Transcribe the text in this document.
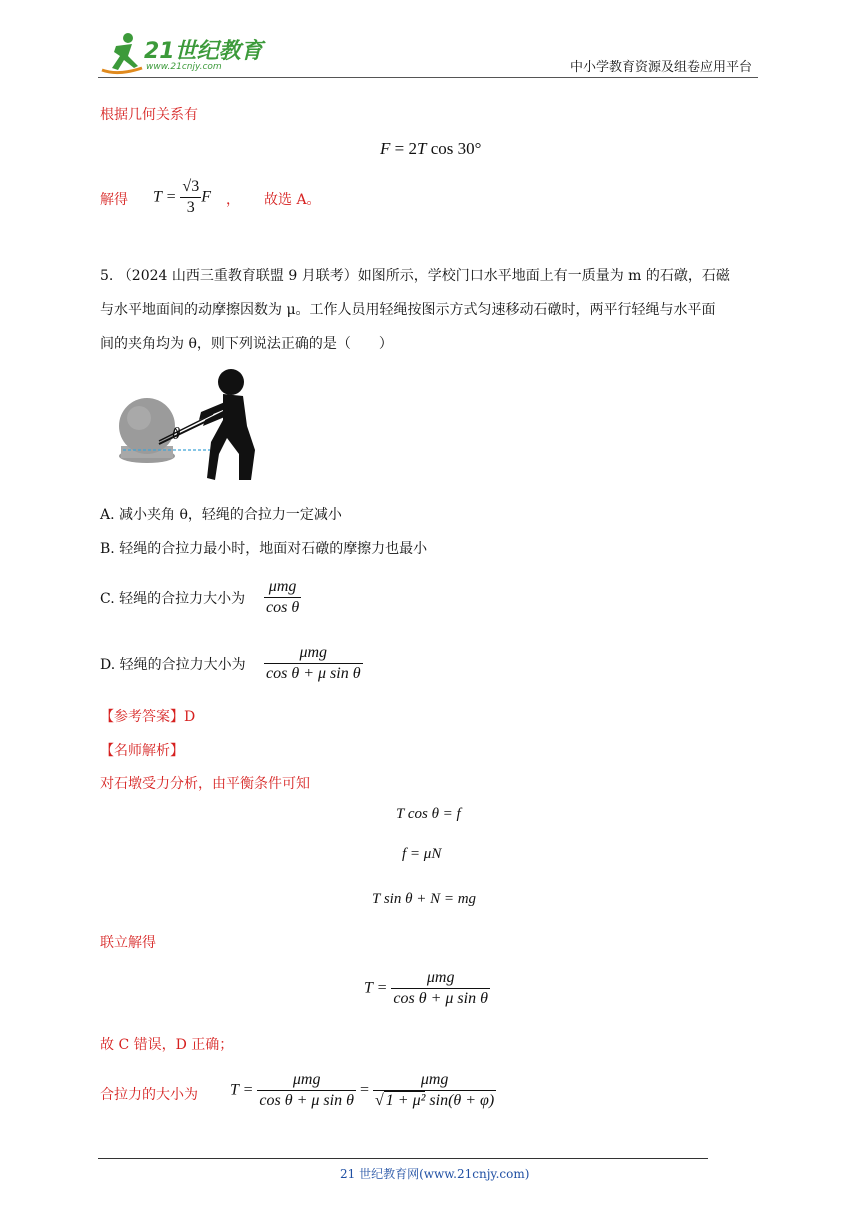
21世纪教育
www.21cnjy.com	中小学教育资源及组卷应用平台
根据几何关系有
F = 2T cos 30°
解得 $T = \frac{√3}{3}$ F ， 故选 A。
5. （2024 山西三重教育联盟 9 月联考）如图所示，学校门口水平地面上有一质量为 m 的石礅，石磁
与水平地面间的动摩擦因数为 μ。工作人员用轻绳按图示方式匀速移动石礅时，两平行轻绳与水平面
间的夹角均为 θ，则下列说法正确的是（　　）
θ
A. 减小夹角 θ，轻绳的合拉力一定减小
B. 轻绳的合拉力最小时，地面对石礅的摩擦力也最小
C. 轻绳的合拉力大小为 $\frac{\text{μmg}}{\text{cos θ}}$
D. 轻绳的合拉力大小为 $\frac{\text{μmg}}{\text{cos θ + μ sin θ}}$
【参考答案】D
【名师解析】
对石墩受力分析，由平衡条件可知
T cos θ = f
f = μN
T sin θ + N = mg
联立解得
$T = \frac{\text{μmg}}{\text{cos θ + μ sin θ}}$
故 C 错误，D 正确；
合拉力的大小为 $T = \frac{\text{μmg}}{\text{cos θ + μ sin θ}} = \frac{\text{μmg}}{\text{√ 1 + μ² sin(θ + φ)}}$
21 世纪教育网(www.21cnjy.com)
